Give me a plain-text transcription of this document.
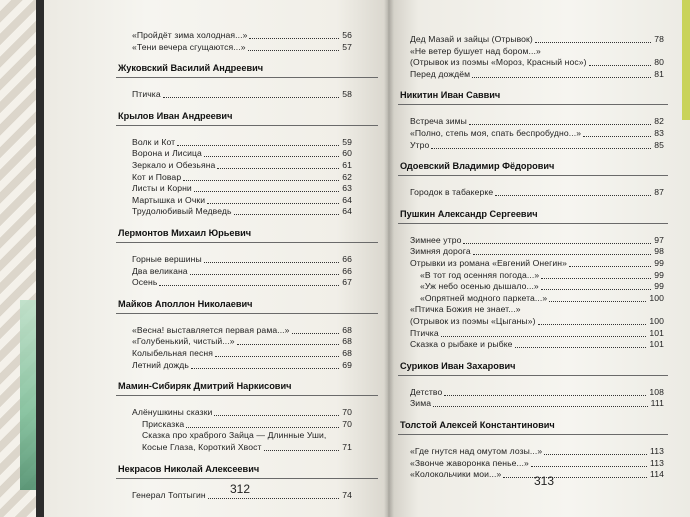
«Пройдёт зима холодная...»	56
«Тени вечера сгущаются...»	57
Жуковский Василий Андреевич
Птичка	58
Крылов Иван Андреевич
Волк и Кот	59
Ворона и Лисица	60
Зеркало и Обезьяна	61
Кот и Повар	62
Листы и Корни	63
Мартышка и Очки	64
Трудолюбивый Медведь	64
Лермонтов Михаил Юрьевич
Горные вершины	66
Два великана	66
Осень	67
Майков Аполлон Николаевич
«Весна! выставляется первая рама...»	68
«Голубенький, чистый...»	68
Колыбельная песня	68
Летний дождь	69
Мамин-Сибиряк Дмитрий Наркисович
Алёнушкины сказки	70
Присказка	70
Сказка про храброго Зайца — Длинные Уши,
Косые Глаза, Короткий Хвост	71
Некрасов Николай Алексеевич
Генерал Топтыгин	74
312
Дед Мазай и зайцы (Отрывок)	78
«Не ветер бушует над бором...»
(Отрывок из поэмы «Мороз, Красный нос»)	80
Перед дождём	81
Никитин Иван Саввич
Встреча зимы	82
«Полно, степь моя, спать беспробудно...»	83
Утро	85
Одоевский Владимир Фёдорович
Городок в табакерке	87
Пушкин Александр Сергеевич
Зимнее утро	97
Зимняя дорога	98
Отрывки из романа «Евгений Онегин»	99
«В тот год осенняя погода...»	99
«Уж небо осенью дышало...»	99
«Опрятней модного паркета...»	100
«Птичка Божия не знает...»
(Отрывок из поэмы «Цыганы»)	100
Птичка	101
Сказка о рыбаке и рыбке	101
Суриков Иван Захарович
Детство	108
Зима	111
Толстой Алексей Константинович
«Где гнутся над омутом лозы...»	113
«Звонче жаворонка пенье...»	113
«Колокольчики мои...»	114
313
